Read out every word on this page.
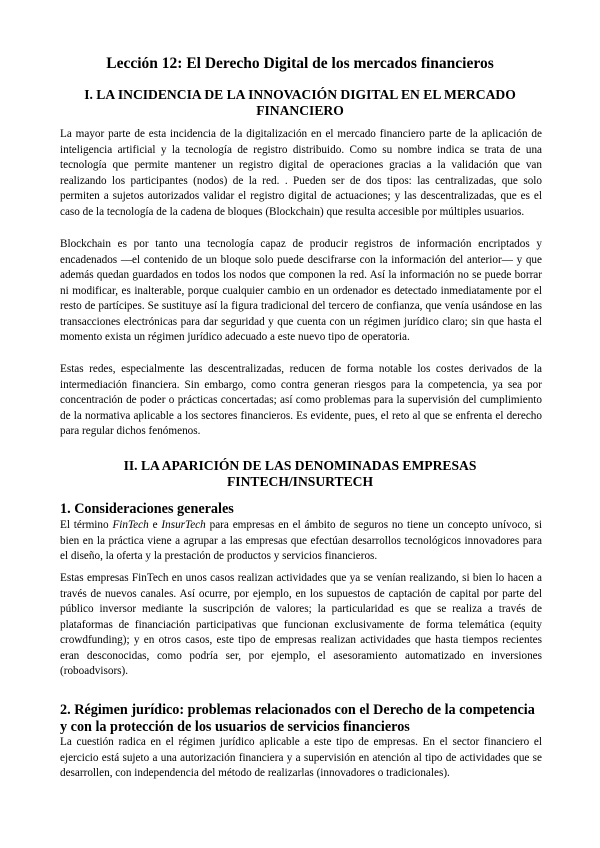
Lección 12: El Derecho Digital de los mercados financieros
I. LA INCIDENCIA DE LA INNOVACIÓN DIGITAL EN EL MERCADO FINANCIERO

La mayor parte de esta incidencia de la digitalización en el mercado financiero parte de la aplicación de inteligencia artificial y la tecnología de registro distribuido. Como su nombre indica se trata de una tecnología que permite mantener un registro digital de operaciones gracias a la validación que van realizando los participantes (nodos) de la red. . Pueden ser de dos tipos: las centralizadas, que solo permiten a sujetos autorizados validar el registro digital de actuaciones; y las descentralizadas, que es el caso de la tecnología de la cadena de bloques (Blockchain) que resulta accesible por múltiples usuarios.

Blockchain es por tanto una tecnología capaz de producir registros de información encriptados y encadenados —el contenido de un bloque solo puede descifrarse con la información del anterior— y que además quedan guardados en todos los nodos que componen la red. Así la información no se puede borrar ni modificar, es inalterable, porque cualquier cambio en un ordenador es detectado inmediatamente por el resto de partícipes. Se sustituye así la figura tradicional del tercero de confianza, que venía usándose en las transacciones electrónicas para dar seguridad y que cuenta con un régimen jurídico claro; sin que hasta el momento exista un régimen jurídico adecuado a este nuevo tipo de operatoria.

Estas redes, especialmente las descentralizadas, reducen de forma notable los costes derivados de la intermediación financiera. Sin embargo, como contra generan riesgos para la competencia, ya sea por concentración de poder o prácticas concertadas; así como problemas para la supervisión del cumplimiento de la normativa aplicable a los sectores financieros. Es evidente, pues, el reto al que se enfrenta el derecho para regular dichos fenómenos.

II. LA APARICIÓN DE LAS DENOMINADAS EMPRESAS FINTECH/INSURTECH
1. Consideraciones generales

El término FinTech e InsurTech para empresas en el ámbito de seguros no tiene un concepto unívoco, si bien en la práctica viene a agrupar a las empresas que efectúan desarrollos tecnológicos innovadores para el diseño, la oferta y la prestación de productos y servicios financieros.

Estas empresas FinTech en unos casos realizan actividades que ya se venían realizando, si bien lo hacen a través de nuevos canales. Así ocurre, por ejemplo, en los supuestos de captación de capital por parte del público inversor mediante la suscripción de valores; la particularidad es que se realiza a través de plataformas de financiación participativas que funcionan exclusivamente de forma telemática (equity crowdfunding); y en otros casos, este tipo de empresas realizan actividades que hasta tiempos recientes eran desconocidas, como podría ser, por ejemplo, el asesoramiento automatizado en inversiones (roboadvisors).

2. Régimen jurídico: problemas relacionados con el Derecho de la competencia y con la protección de los usuarios de servicios financieros

La cuestión radica en el régimen jurídico aplicable a este tipo de empresas. En el sector financiero el ejercicio está sujeto a una autorización financiera y a supervisión en atención al tipo de actividades que se desarrollen, con independencia del método de realizarlas (innovadores o tradicionales).
